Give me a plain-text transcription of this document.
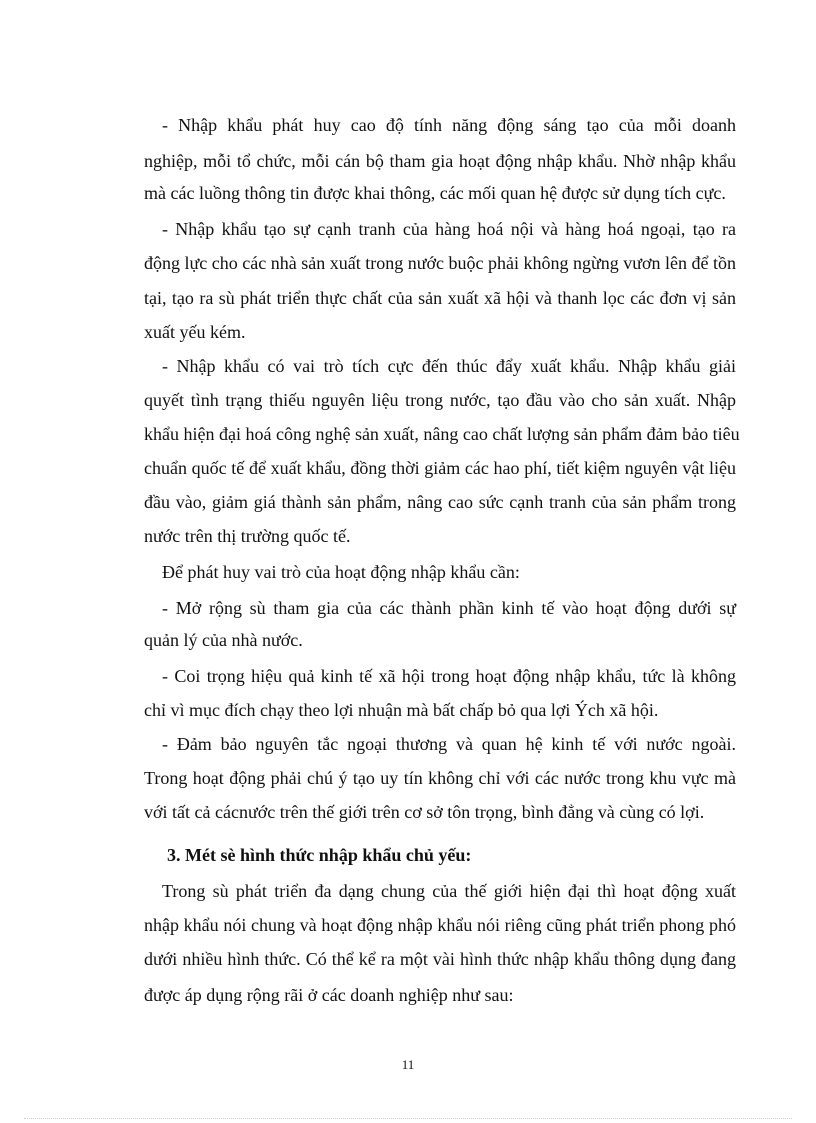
- Nhập khẩu phát huy cao độ tính năng động sáng tạo của mỗi doanh
nghiệp, mỗi tổ chức, mỗi cán bộ tham gia hoạt động nhập khẩu. Nhờ nhập khẩu
mà các luồng thông tin được khai thông, các mối quan hệ được sử dụng tích cực.
- Nhập khẩu tạo sự cạnh tranh của hàng hoá nội và hàng hoá ngoại, tạo ra
động lực cho các nhà sản xuất trong nước buộc phải không ngừng vươn lên để tồn
tại, tạo ra sù phát triển thực chất của sản xuất xã hội và thanh lọc các đơn vị sản
xuất yếu kém.
- Nhập khẩu có vai trò tích cực đến thúc đẩy xuất khẩu. Nhập khẩu giải
quyết tình trạng thiếu nguyên liệu trong nước, tạo đầu vào cho sản xuất. Nhập
khẩu hiện đại hoá công nghệ sản xuất, nâng cao chất lượng sản phẩm đảm bảo tiêu
chuẩn quốc tế để xuất khẩu, đồng thời giảm các hao phí, tiết kiệm nguyên vật liệu
đầu vào, giảm giá thành sản phẩm, nâng cao sức cạnh tranh của sản phẩm trong
nước trên thị trường quốc tế.
Để phát huy vai trò của hoạt động nhập khẩu cần:
- Mở rộng sù tham gia của các thành phần kinh tế vào hoạt động dưới sự
quản lý của nhà nước.
- Coi trọng hiệu quả kinh tế xã hội trong hoạt động nhập khẩu, tức là không
chỉ vì mục đích chạy theo lợi nhuận mà bất chấp bỏ qua lợi Ých xã hội.
- Đảm bảo nguyên tắc ngoại thương và quan hệ kinh tế với nước ngoài.
Trong hoạt động phải chú ý tạo uy tín không chỉ với các nước trong khu vực mà
với tất cả cácnước trên thế giới trên cơ sở tôn trọng, bình đẳng và cùng có lợi.
3. Mét sè hình thức nhập khẩu chủ yếu:
Trong sù phát triển đa dạng chung của thế giới hiện đại thì hoạt động xuất
nhập khẩu nói chung và hoạt động nhập khẩu nói riêng cũng phát triển phong phó
dưới nhiều hình thức. Có thể kể ra một vài hình thức nhập khẩu thông dụng đang
được áp dụng rộng rãi ở các doanh nghiệp như sau:
11
